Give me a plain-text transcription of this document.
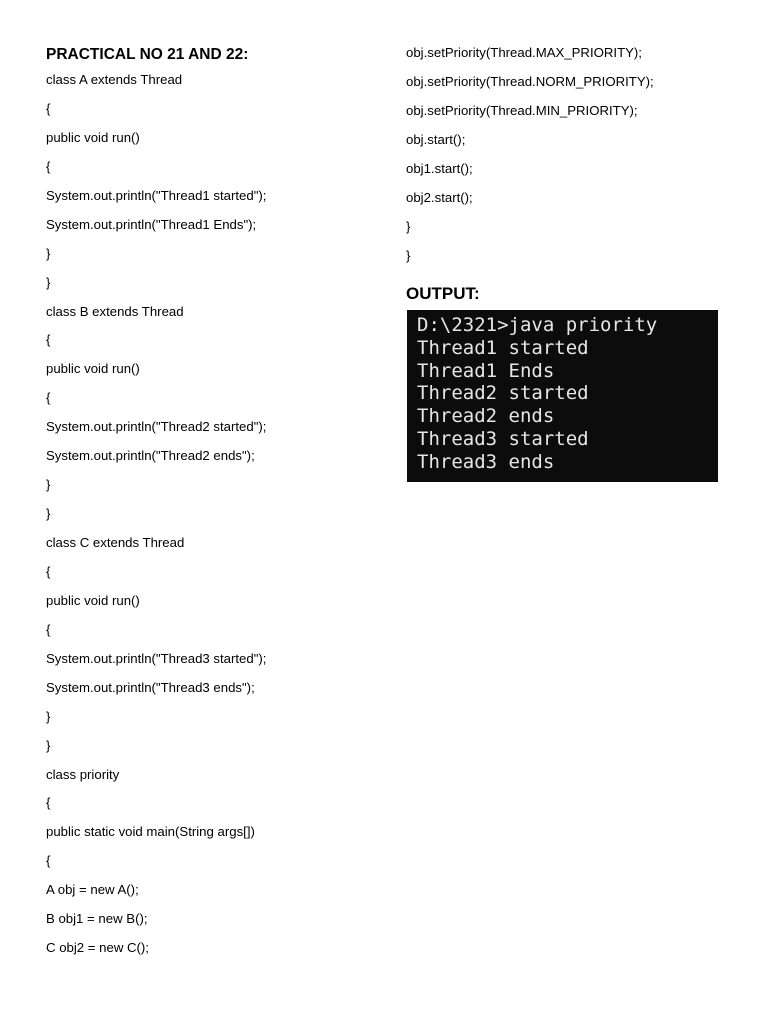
PRACTICAL NO 21 AND 22:
class A extends Thread
{
public void run()
{
System.out.println("Thread1 started");
System.out.println("Thread1 Ends");
}
}
class B extends Thread
{
public void run()
{
System.out.println("Thread2 started");
System.out.println("Thread2 ends");
}
}
class C extends Thread
{
public void run()
{
System.out.println("Thread3 started");
System.out.println("Thread3 ends");
}
}
class priority
{
public static void main(String args[])
{
A obj = new A();
B obj1 = new B();
C obj2 = new C();
obj.setPriority(Thread.MAX_PRIORITY);
obj.setPriority(Thread.NORM_PRIORITY);
obj.setPriority(Thread.MIN_PRIORITY);
obj.start();
obj1.start();
obj2.start();
}
}
OUTPUT:
D:\2321>java priority
Thread1 started
Thread1 Ends
Thread2 started
Thread2 ends
Thread3 started
Thread3 ends
